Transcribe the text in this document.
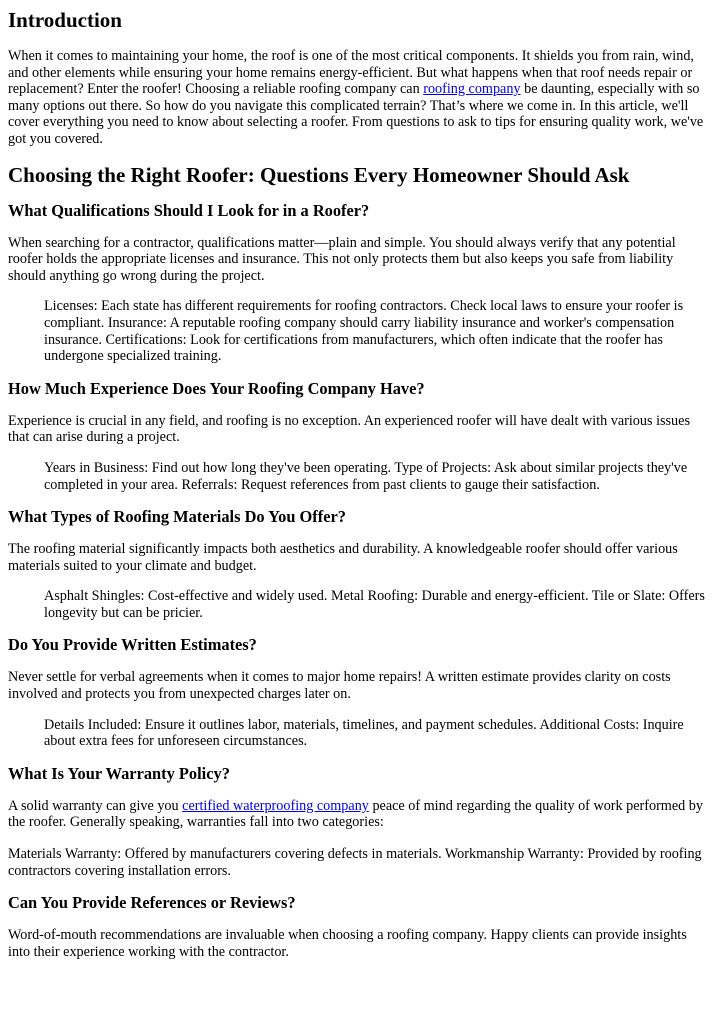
Introduction

When it comes to maintaining your home, the roof is one of the most critical components. It shields you from rain, wind, and other elements while ensuring your home remains energy-efficient. But what happens when that roof needs repair or replacement? Enter the roofer! Choosing a reliable roofing company can roofing company be daunting, especially with so many options out there. So how do you navigate this complicated terrain? That’s where we come in. In this article, we'll cover everything you need to know about selecting a roofer. From questions to ask to tips for ensuring quality work, we've got you covered.

Choosing the Right Roofer: Questions Every Homeowner Should Ask
What Qualifications Should I Look for in a Roofer?

When searching for a contractor, qualifications matter—plain and simple. You should always verify that any potential roofer holds the appropriate licenses and insurance. This not only protects them but also keeps you safe from liability should anything go wrong during the project.

Licenses: Each state has different requirements for roofing contractors. Check local laws to ensure your roofer is compliant. Insurance: A reputable roofing company should carry liability insurance and worker's compensation insurance. Certifications: Look for certifications from manufacturers, which often indicate that the roofer has undergone specialized training.
How Much Experience Does Your Roofing Company Have?

Experience is crucial in any field, and roofing is no exception. An experienced roofer will have dealt with various issues that can arise during a project.

Years in Business: Find out how long they've been operating. Type of Projects: Ask about similar projects they've completed in your area. Referrals: Request references from past clients to gauge their satisfaction.
What Types of Roofing Materials Do You Offer?

The roofing material significantly impacts both aesthetics and durability. A knowledgeable roofer should offer various materials suited to your climate and budget.

Asphalt Shingles: Cost-effective and widely used. Metal Roofing: Durable and energy-efficient. Tile or Slate: Offers longevity but can be pricier.
Do You Provide Written Estimates?

Never settle for verbal agreements when it comes to major home repairs! A written estimate provides clarity on costs involved and protects you from unexpected charges later on.

Details Included: Ensure it outlines labor, materials, timelines, and payment schedules. Additional Costs: Inquire about extra fees for unforeseen circumstances.
What Is Your Warranty Policy?

A solid warranty can give you certified waterproofing company peace of mind regarding the quality of work performed by the roofer. Generally speaking, warranties fall into two categories:

Materials Warranty: Offered by manufacturers covering defects in materials. Workmanship Warranty: Provided by roofing contractors covering installation errors.

Can You Provide References or Reviews?

Word-of-mouth recommendations are invaluable when choosing a roofing company. Happy clients can provide insights into their experience working with the contractor.
